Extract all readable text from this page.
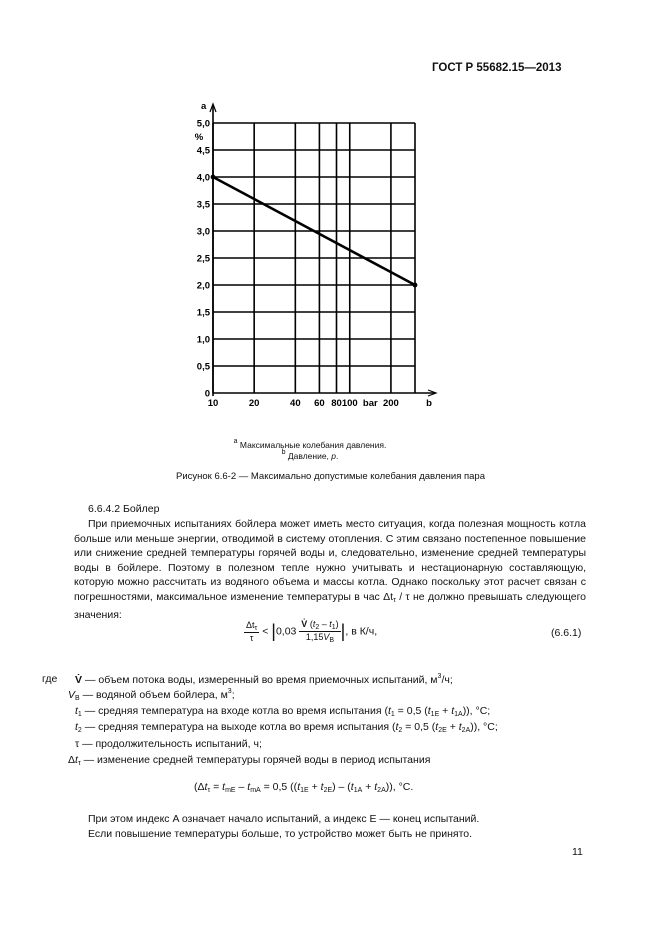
ГОСТ Р 55682.15—2013
0
0,5
1,0
1,5
2,0
2,5
3,0
3,5
4,0
4,5
5,0
10	20	40 60 80 100	200
a
%
b
bar
$^a$ Максимальные колебания давления.
$^b$ Давление, p.
Рисунок 6.6-2 — Максимально допустимые колебания давления пара
6.6.4.2 Бойлер
При приемочных испытаниях бойлера может иметь место ситуация, когда полезная мощность котла больше или меньше энергии, отводимой в систему отопления. С этим связано постепенное повышение или снижение средней температуры горячей воды и, следовательно, изменение средней температуры воды в бойлере. Поэтому в полезном тепле нужно учитывать и нестационарную составляющую, которую можно рассчитать из водяного объема и массы котла. Однако поскольку этот расчет связан с погрешностями, максимальное изменение температуры в час $\Delta t_\tau$ / τ не должно превышать следующего значения:
$\frac{\Delta t_\tau}{\tau} < |0,03 \frac{V̇ (t_2 - t_1)}{1,15V_B}$ |, в К/ч,	(6.6.1)
где V̇ — объем потока воды, измеренный во время приемочных испытаний, $м^3/ч$;
$V_B$ — водяной объем бойлера, $м^3$;
$t_1$ — средняя температура на входе котла во время испытания ($t_1 = 0,5$ $(t_{1E} + t_{1A})$), °С;
$t_2$ — средняя температура на выходе котла во время испытания ($t_2 = 0,5$ $(t_{2E} + t_{2A})$), °С;
τ — продолжительность испытаний, ч;
$\Delta t_\tau$ — изменение средней температуры горячей воды в период испытания
($\Delta t_\tau = t_{mE} - t_{mA} = 0,5$ $((t_{1E} + t_{2E}) - (t_{1A} + t_{2A}))$, °С.
При этом индекс A означает начало испытаний, а индекс E — конец испытаний.
Если повышение температуры больше, то устройство может быть не принято.
11
